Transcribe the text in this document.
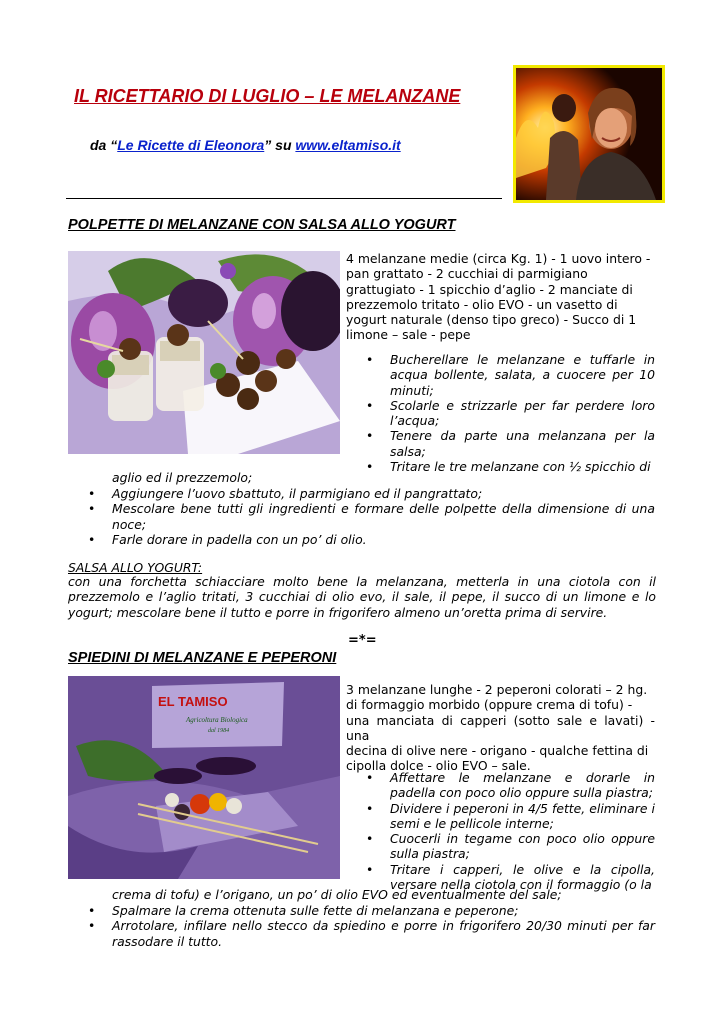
IL RICETTARIO DI LUGLIO – LE MELANZANE
da “Le Ricette di Eleonora” su www.eltamiso.it
POLPETTE DI MELANZANE CON SALSA ALLO YOGURT
4 melanzane medie (circa Kg. 1) - 1 uovo intero -
pan grattato - 2 cucchiai di parmigiano
grattugiato - 1 spicchio d’aglio - 2 manciate di
prezzemolo tritato - olio EVO - un vasetto di
yogurt naturale (denso tipo greco) - Succo di 1
limone – sale - pepe
• Bucherellare le melanzane e tuffarle in acqua bollente, salata, a cuocere per 10 minuti;
• Scolarle e strizzarle per far perdere loro l’acqua;
• Tenere da parte una melanzana per la salsa;
• Tritare le tre melanzane con ½ spicchio di
aglio ed il prezzemolo;
• Aggiungere l’uovo sbattuto, il parmigiano ed il pangrattato;
• Mescolare bene tutti gli ingredienti e formare delle polpette della dimensione di una noce;
• Farle dorare in padella con un po’ di olio.
SALSA ALLO YOGURT:
con una forchetta schiacciare molto bene la melanzana, metterla in una ciotola con il prezzemolo e l’aglio tritati, 3 cucchiai di olio evo, il sale, il pepe, il succo di un limone e lo yogurt; mescolare bene il tutto e porre in frigorifero almeno un’oretta prima di servire.
=*=
SPIEDINI DI MELANZANE E PEPERONI
EL TAMISO
Agricoltura Biologica
dal 1984
3 melanzane lunghe - 2 peperoni colorati – 2 hg.
di formaggio morbido (oppure crema di tofu) -
una manciata di capperi (sotto sale e lavati) - una
decina di olive nere - origano - qualche fettina di
cipolla dolce - olio EVO – sale.
• Affettare le melanzane e dorarle in padella con poco olio oppure sulla piastra;
• Dividere i peperoni in 4/5 fette, eliminare i semi e le pellicole interne;
• Cuocerli in tegame con poco olio oppure sulla piastra;
• Tritare i capperi, le olive e la cipolla, versare nella ciotola con il formaggio (o la
crema di tofu) e l’origano, un po’ di olio EVO ed eventualmente del sale;
• Spalmare la crema ottenuta sulle fette di melanzana e peperone;
• Arrotolare, infilare nello stecco da spiedino e porre in frigorifero 20/30 minuti per far rassodare il tutto.
